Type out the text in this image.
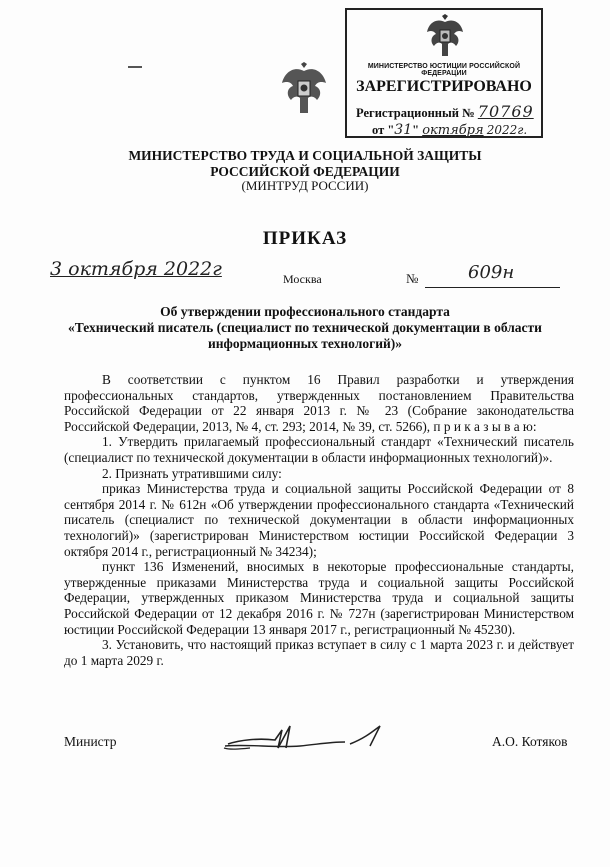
МИНИСТЕРСТВО ЮСТИЦИИ РОССИЙСКОЙ ФЕДЕРАЦИИ
ЗАРЕГИСТРИРОВАНО
Регистрационный № 70769
от "31" октября 2022г.
МИНИСТЕРСТВО ТРУДА И СОЦИАЛЬНОЙ ЗАЩИТЫ
РОССИЙСКОЙ ФЕДЕРАЦИИ
(МИНТРУД РОССИИ)
ПРИКАЗ
3 октября 2022г	Москва	№	609н
Об утверждении профессионального стандарта
«Технический писатель (специалист по технической документации в области
информационных технологий)»
В соответствии с пунктом 16 Правил разработки и утверждения профессиональных стандартов, утвержденных постановлением Правительства Российской Федерации от 22 января 2013 г. № 23 (Собрание законодательства Российской Федерации, 2013, № 4, ст. 293; 2014, № 39, ст. 5266), п р и к а з ы в а ю:
1. Утвердить прилагаемый профессиональный стандарт «Технический писатель (специалист по технической документации в области информационных технологий)».
2. Признать утратившими силу:
приказ Министерства труда и социальной защиты Российской Федерации от 8 сентября 2014 г. № 612н «Об утверждении профессионального стандарта «Технический писатель (специалист по технической документации в области информационных технологий)» (зарегистрирован Министерством юстиции Российской Федерации 3 октября 2014 г., регистрационный № 34234);
пункт 136 Изменений, вносимых в некоторые профессиональные стандарты, утвержденные приказами Министерства труда и социальной защиты Российской Федерации, утвержденных приказом Министерства труда и социальной защиты Российской Федерации от 12 декабря 2016 г. № 727н (зарегистрирован Министерством юстиции Российской Федерации 13 января 2017 г., регистрационный № 45230).
3. Установить, что настоящий приказ вступает в силу с 1 марта 2023 г. и действует до 1 марта 2029 г.
Министр	А.О. Котяков
